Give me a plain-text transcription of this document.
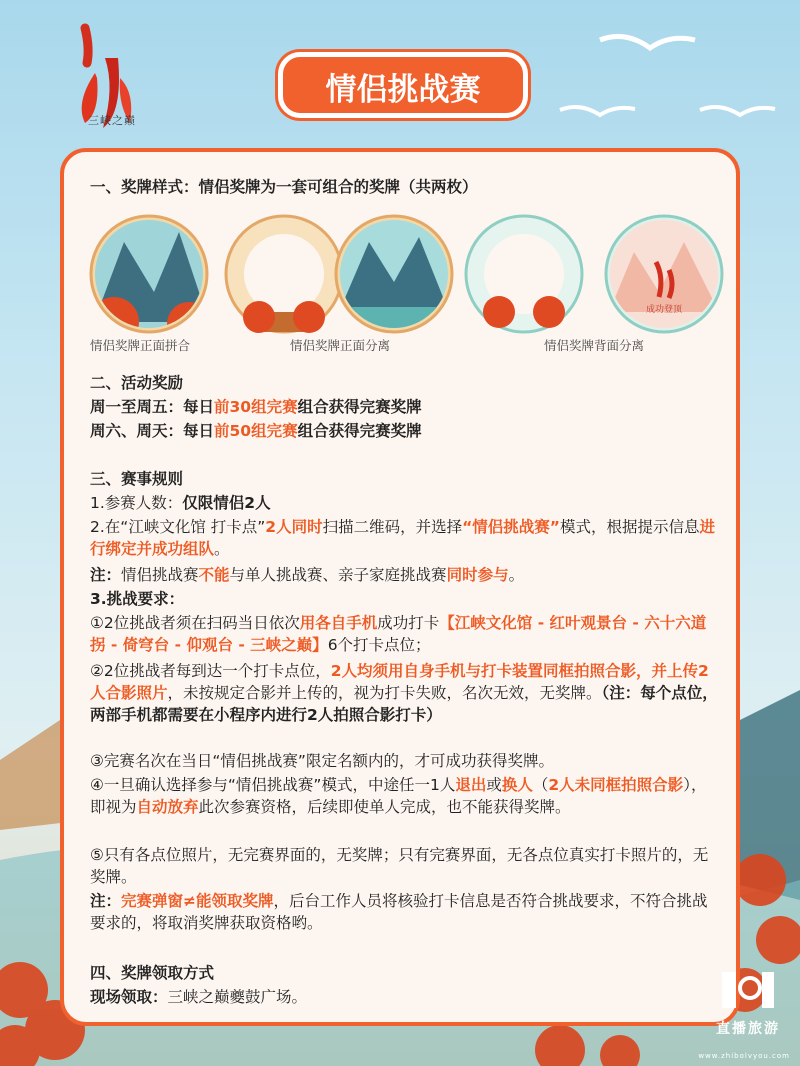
三峡之巅
情侣挑战赛
一、奖牌样式：情侣奖牌为一套可组合的奖牌（共两枚）
成功登顶
情侣奖牌正面拼合	情侣奖牌正面分离	情侣奖牌背面分离
二、活动奖励
周一至周五：每日前30组完赛组合获得完赛奖牌
周六、周天：每日前50组完赛组合获得完赛奖牌
三、赛事规则
1.参赛人数：仅限情侣2人
2.在“江峡文化馆 打卡点”2人同时扫描二维码，并选择“情侣挑战赛”模式，根据提示信息进行绑定并成功组队。
注：情侣挑战赛不能与单人挑战赛、亲子家庭挑战赛同时参与。
3.挑战要求：
①2位挑战者须在扫码当日依次用各自手机成功打卡【江峡文化馆 - 红叶观景台 - 六十六道拐 - 倚穹台 - 仰观台 - 三峡之巅】6个打卡点位；
②2位挑战者每到达一个打卡点位，2人均须用自身手机与打卡装置同框拍照合影，并上传2人合影照片，未按规定合影并上传的，视为打卡失败，名次无效，无奖牌。（注：每个点位，两部手机都需要在小程序内进行2人拍照合影打卡）
③完赛名次在当日“情侣挑战赛”限定名额内的，才可成功获得奖牌。
④一旦确认选择参与“情侣挑战赛”模式，中途任一1人退出或换人（2人未同框拍照合影），即视为自动放弃此次参赛资格，后续即使单人完成，也不能获得奖牌。
⑤只有各点位照片，无完赛界面的，无奖牌；只有完赛界面，无各点位真实打卡照片的，无奖牌。
注：完赛弹窗≠能领取奖牌，后台工作人员将核验打卡信息是否符合挑战要求，不符合挑战要求的，将取消奖牌获取资格哟。
四、奖牌领取方式
现场领取：三峡之巅夔鼓广场。
直播旅游
www.zhibolvyou.com
